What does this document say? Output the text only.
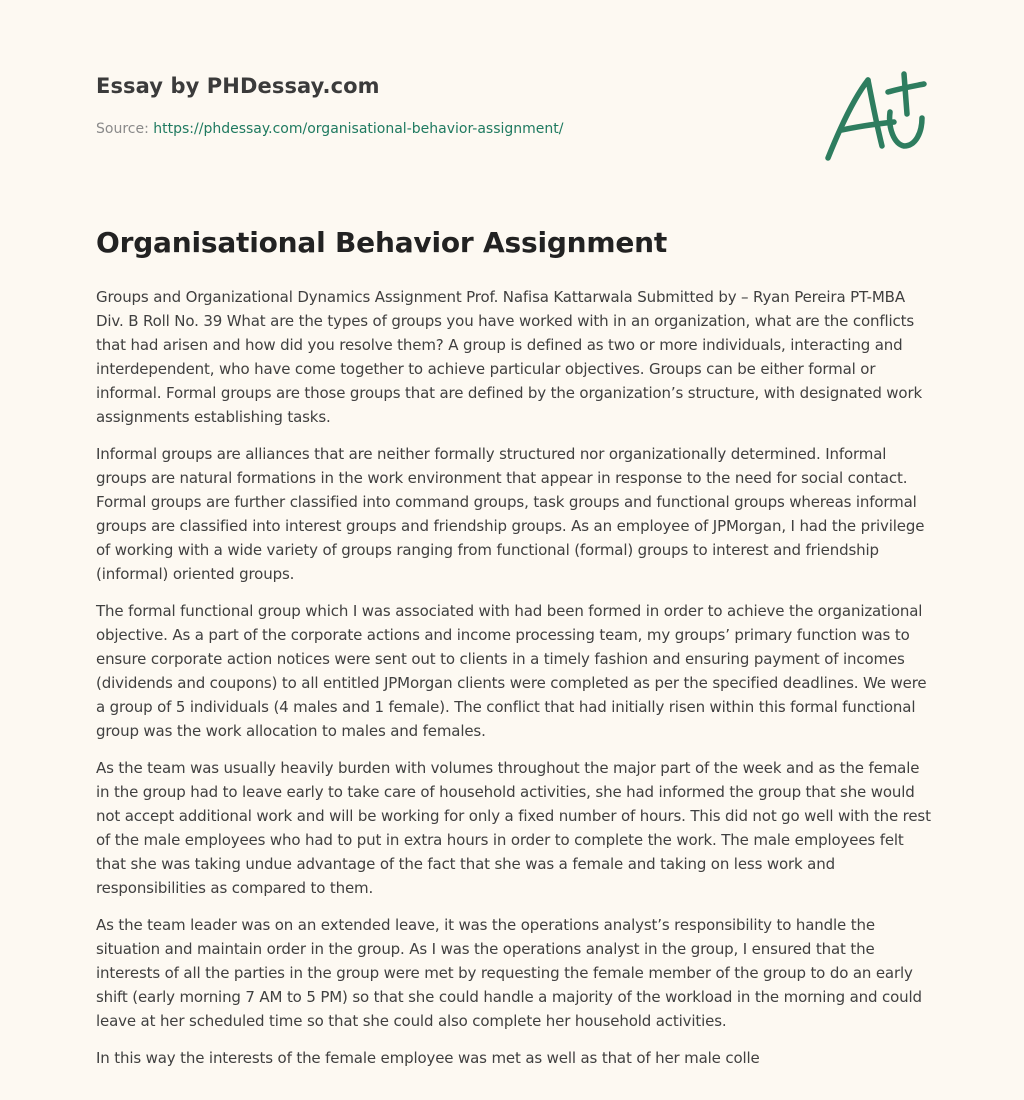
Essay by PHDessay.com
Source: https://phdessay.com/organisational-behavior-assignment/
Organisational Behavior Assignment

Groups and Organizational Dynamics Assignment Prof. Nafisa Kattarwala Submitted by – Ryan Pereira PT-MBA Div. B Roll No. 39 What are the types of groups you have worked with in an organization, what are the conflicts that had arisen and how did you resolve them? A group is defined as two or more individuals, interacting and interdependent, who have come together to achieve particular objectives. Groups can be either formal or informal. Formal groups are those groups that are defined by the organization’s structure, with designated work assignments establishing tasks.

Informal groups are alliances that are neither formally structured nor organizationally determined. Informal groups are natural formations in the work environment that appear in response to the need for social contact. Formal groups are further classified into command groups, task groups and functional groups whereas informal groups are classified into interest groups and friendship groups. As an employee of JPMorgan, I had the privilege of working with a wide variety of groups ranging from functional (formal) groups to interest and friendship (informal) oriented groups.

The formal functional group which I was associated with had been formed in order to achieve the organizational objective. As a part of the corporate actions and income processing team, my groups’ primary function was to ensure corporate action notices were sent out to clients in a timely fashion and ensuring payment of incomes (dividends and coupons) to all entitled JPMorgan clients were completed as per the specified deadlines. We were a group of 5 individuals (4 males and 1 female). The conflict that had initially risen within this formal functional group was the work allocation to males and females.

As the team was usually heavily burden with volumes throughout the major part of the week and as the female in the group had to leave early to take care of household activities, she had informed the group that she would not accept additional work and will be working for only a fixed number of hours. This did not go well with the rest of the male employees who had to put in extra hours in order to complete the work. The male employees felt that she was taking undue advantage of the fact that she was a female and taking on less work and responsibilities as compared to them.

As the team leader was on an extended leave, it was the operations analyst’s responsibility to handle the situation and maintain order in the group. As I was the operations analyst in the group, I ensured that the interests of all the parties in the group were met by requesting the female member of the group to do an early shift (early morning 7 AM to 5 PM) so that she could handle a majority of the workload in the morning and could leave at her scheduled time so that she could also complete her household activities.

In this way the interests of the female employee was met as well as that of her male colle
